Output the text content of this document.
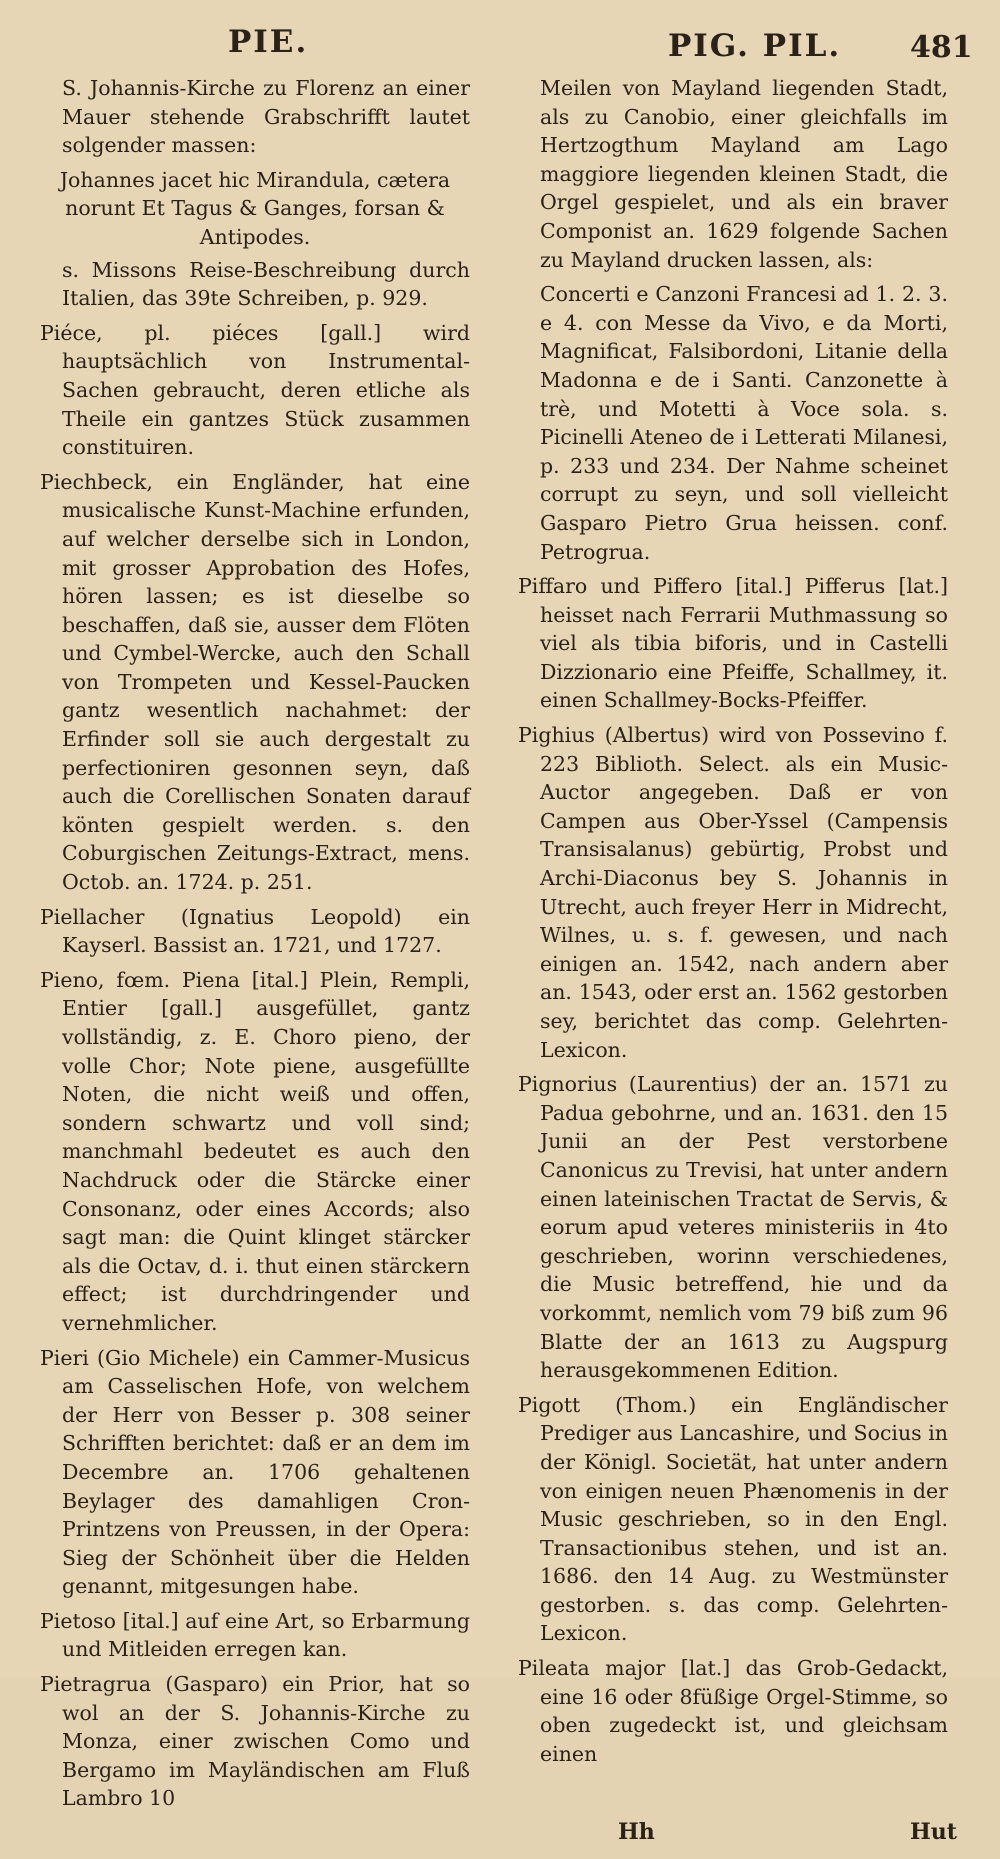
PIE.	PIG. PIL. 481
S. Johannis-Kirche zu Florenz an einer Mauer stehende Grabschrifft lautet solgender massen:
Johannes jacet hic Mirandula, cætera norunt Et Tagus & Ganges, forsan & Antipodes.
s. Missons Reise-Beschreibung durch Italien, das 39te Schreiben, p. 929.
Piéce, pl. piéces [gall.] wird hauptsächlich von Instrumental-Sachen gebraucht, deren etliche als Theile ein gantzes Stück zusammen constituiren.
Piechbeck, ein Engländer, hat eine musicalische Kunst-Machine erfunden, auf welcher derselbe sich in London, mit grosser Approbation des Hofes, hören lassen; es ist dieselbe so beschaffen, daß sie, ausser dem Flöten und Cymbel-Wercke, auch den Schall von Trompeten und Kessel-Paucken gantz wesentlich nachahmet: der Erfinder soll sie auch dergestalt zu perfectioniren gesonnen seyn, daß auch die Corellischen Sonaten darauf könten gespielt werden. s. den Coburgischen Zeitungs-Extract, mens. Octob. an. 1724. p. 251.
Piellacher (Ignatius Leopold) ein Kayserl. Bassist an. 1721, und 1727.
Pieno, fœm. Piena [ital.] Plein, Rempli, Entier [gall.] ausgefüllet, gantz vollständig, z. E. Choro pieno, der volle Chor; Note piene, ausgefüllte Noten, die nicht weiß und offen, sondern schwartz und voll sind; manchmahl bedeutet es auch den Nachdruck oder die Stärcke einer Consonanz, oder eines Accords; also sagt man: die Quint klinget stärcker als die Octav, d. i. thut einen stärckern effect; ist durchdringender und vernehmlicher.
Pieri (Gio Michele) ein Cammer-Musicus am Casselischen Hofe, von welchem der Herr von Besser p. 308 seiner Schrifften berichtet: daß er an dem im Decembre an. 1706 gehaltenen Beylager des damahligen Cron-Printzens von Preussen, in der Opera: Sieg der Schönheit über die Helden genannt, mitgesungen habe.
Pietoso [ital.] auf eine Art, so Erbarmung und Mitleiden erregen kan.
Pietragrua (Gasparo) ein Prior, hat so wol an der S. Johannis-Kirche zu Monza, einer zwischen Como und Bergamo im Mayländischen am Fluß Lambro 10
Meilen von Mayland liegenden Stadt, als zu Canobio, einer gleichfalls im Hertzogthum Mayland am Lago maggiore liegenden kleinen Stadt, die Orgel gespielet, und als ein braver Componist an. 1629 folgende Sachen zu Mayland drucken lassen, als:
Concerti e Canzoni Francesi ad 1. 2. 3. e 4. con Messe da Vivo, e da Morti, Magnificat, Falsibordoni, Litanie della Madonna e de i Santi. Canzonette à trè, und Motetti à Voce sola. s. Picinelli Ateneo de i Letterati Milanesi, p. 233 und 234. Der Nahme scheinet corrupt zu seyn, und soll vielleicht Gasparo Pietro Grua heissen. conf. Petrogrua.
Piffaro und Piffero [ital.] Pifferus [lat.] heisset nach Ferrarii Muthmassung so viel als tibia biforis, und in Castelli Dizzionario eine Pfeiffe, Schallmey, it. einen Schallmey-Bocks-Pfeiffer.
Pighius (Albertus) wird von Possevino f. 223 Biblioth. Select. als ein Music-Auctor angegeben. Daß er von Campen aus Ober-Yssel (Campensis Transisalanus) gebürtig, Probst und Archi-Diaconus bey S. Johannis in Utrecht, auch freyer Herr in Midrecht, Wilnes, u. s. f. gewesen, und nach einigen an. 1542, nach andern aber an. 1543, oder erst an. 1562 gestorben sey, berichtet das comp. Gelehrten-Lexicon.
Pignorius (Laurentius) der an. 1571 zu Padua gebohrne, und an. 1631. den 15 Junii an der Pest verstorbene Canonicus zu Trevisi, hat unter andern einen lateinischen Tractat de Servis, & eorum apud veteres ministeriis in 4to geschrieben, worinn verschiedenes, die Music betreffend, hie und da vorkommt, nemlich vom 79 biß zum 96 Blatte der an 1613 zu Augspurg herausgekommenen Edition.
Pigott (Thom.) ein Engländischer Prediger aus Lancashire, und Socius in der Königl. Societät, hat unter andern von einigen neuen Phænomenis in der Music geschrieben, so in den Engl. Transactionibus stehen, und ist an. 1686. den 14 Aug. zu Westmünster gestorben. s. das comp. Gelehrten-Lexicon.
Pileata major [lat.] das Grob-Gedackt, eine 16 oder 8füßige Orgel-Stimme, so oben zugedeckt ist, und gleichsam einen
Hh	Hut
